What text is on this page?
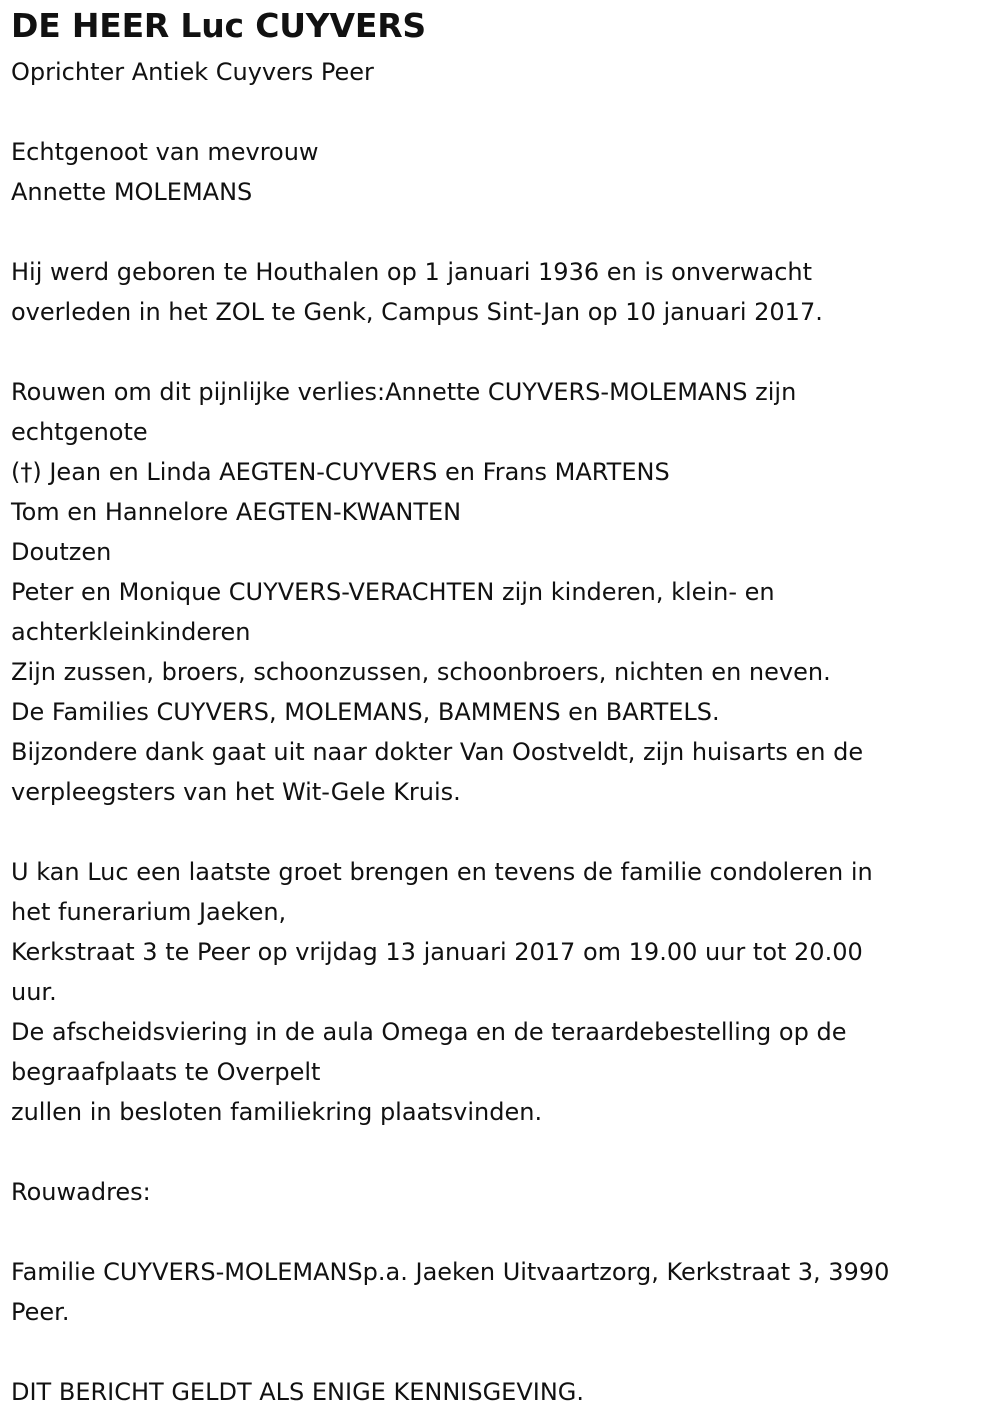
DE HEER Luc CUYVERS

Oprichter Antiek Cuyvers Peer

Echtgenoot van mevrouw

Annette MOLEMANS

Hij werd geboren te Houthalen op 1 januari 1936 en is onverwacht

overleden in het ZOL te Genk, Campus Sint-Jan op 10 januari 2017.

Rouwen om dit pijnlijke verlies:Annette CUYVERS-MOLEMANS zijn

echtgenote

(†) Jean en Linda AEGTEN-CUYVERS en Frans MARTENS

Tom en Hannelore AEGTEN-KWANTEN

Doutzen

Peter en Monique CUYVERS-VERACHTEN zijn kinderen, klein- en

achterkleinkinderen

Zijn zussen, broers, schoonzussen, schoonbroers, nichten en neven.

De Families CUYVERS, MOLEMANS, BAMMENS en BARTELS.

Bijzondere dank gaat uit naar dokter Van Oostveldt, zijn huisarts en de

verpleegsters van het Wit-Gele Kruis.

U kan Luc een laatste groet brengen en tevens de familie condoleren in

het funerarium Jaeken,

Kerkstraat 3 te Peer op vrijdag 13 januari 2017 om 19.00 uur tot 20.00

uur.

De afscheidsviering in de aula Omega en de teraardebestelling op de

begraafplaats te Overpelt

zullen in besloten familiekring plaatsvinden.

Rouwadres:

Familie CUYVERS-MOLEMANSp.a. Jaeken Uitvaartzorg, Kerkstraat 3, 3990

Peer.

DIT BERICHT GELDT ALS ENIGE KENNISGEVING.
